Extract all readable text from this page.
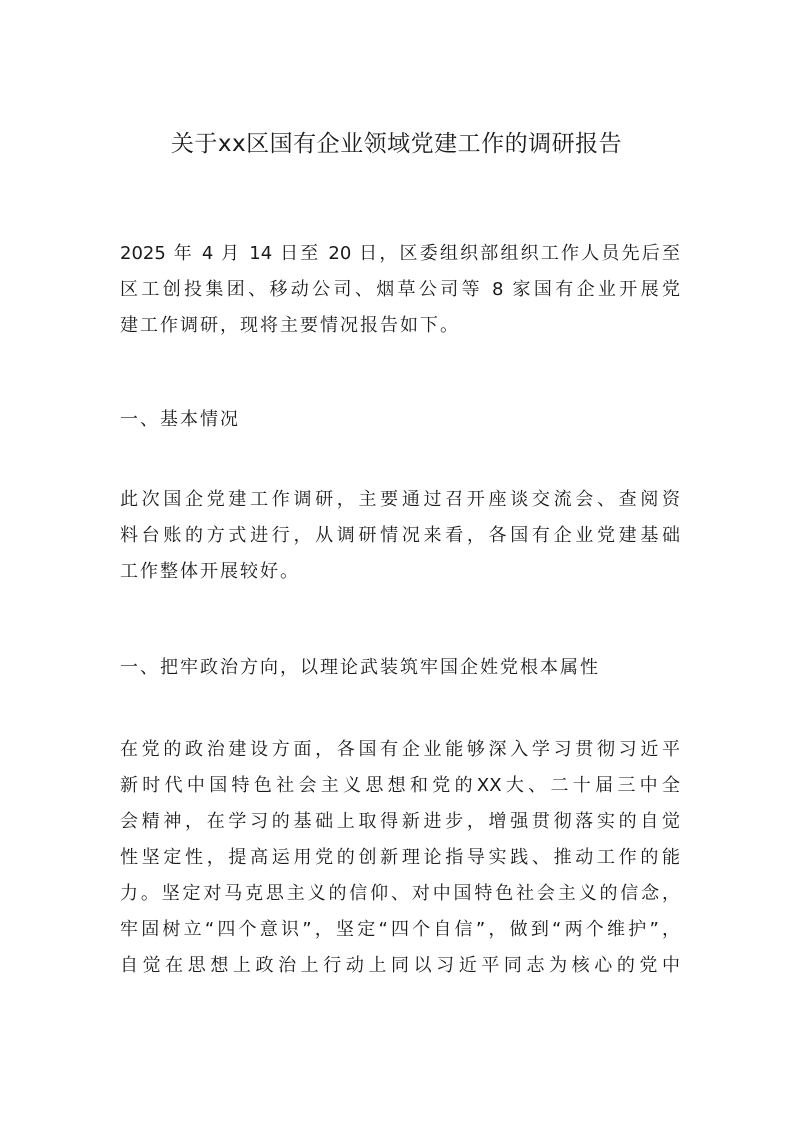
关于xx区国有企业领域党建工作的调研报告
2025 年 4 月 14 日至 20 日，区委组织部组织工作人员先后至
区工创投集团、移动公司、烟草公司等 8 家国有企业开展党
建工作调研，现将主要情况报告如下。
一、基本情况
此次国企党建工作调研，主要通过召开座谈交流会、查阅资
料台账的方式进行，从调研情况来看，各国有企业党建基础
工作整体开展较好。
一、把牢政治方向，以理论武装筑牢国企姓党根本属性
在党的政治建设方面，各国有企业能够深入学习贯彻习近平
新时代中国特色社会主义思想和党的XX大、二十届三中全
会精神，在学习的基础上取得新进步，增强贯彻落实的自觉
性坚定性，提高运用党的创新理论指导实践、推动工作的能
力。坚定对马克思主义的信仰、对中国特色社会主义的信念，
牢固树立“四个意识”，坚定“四个自信”，做到“两个维护”，
自觉在思想上政治上行动上同以习近平同志为核心的党中
